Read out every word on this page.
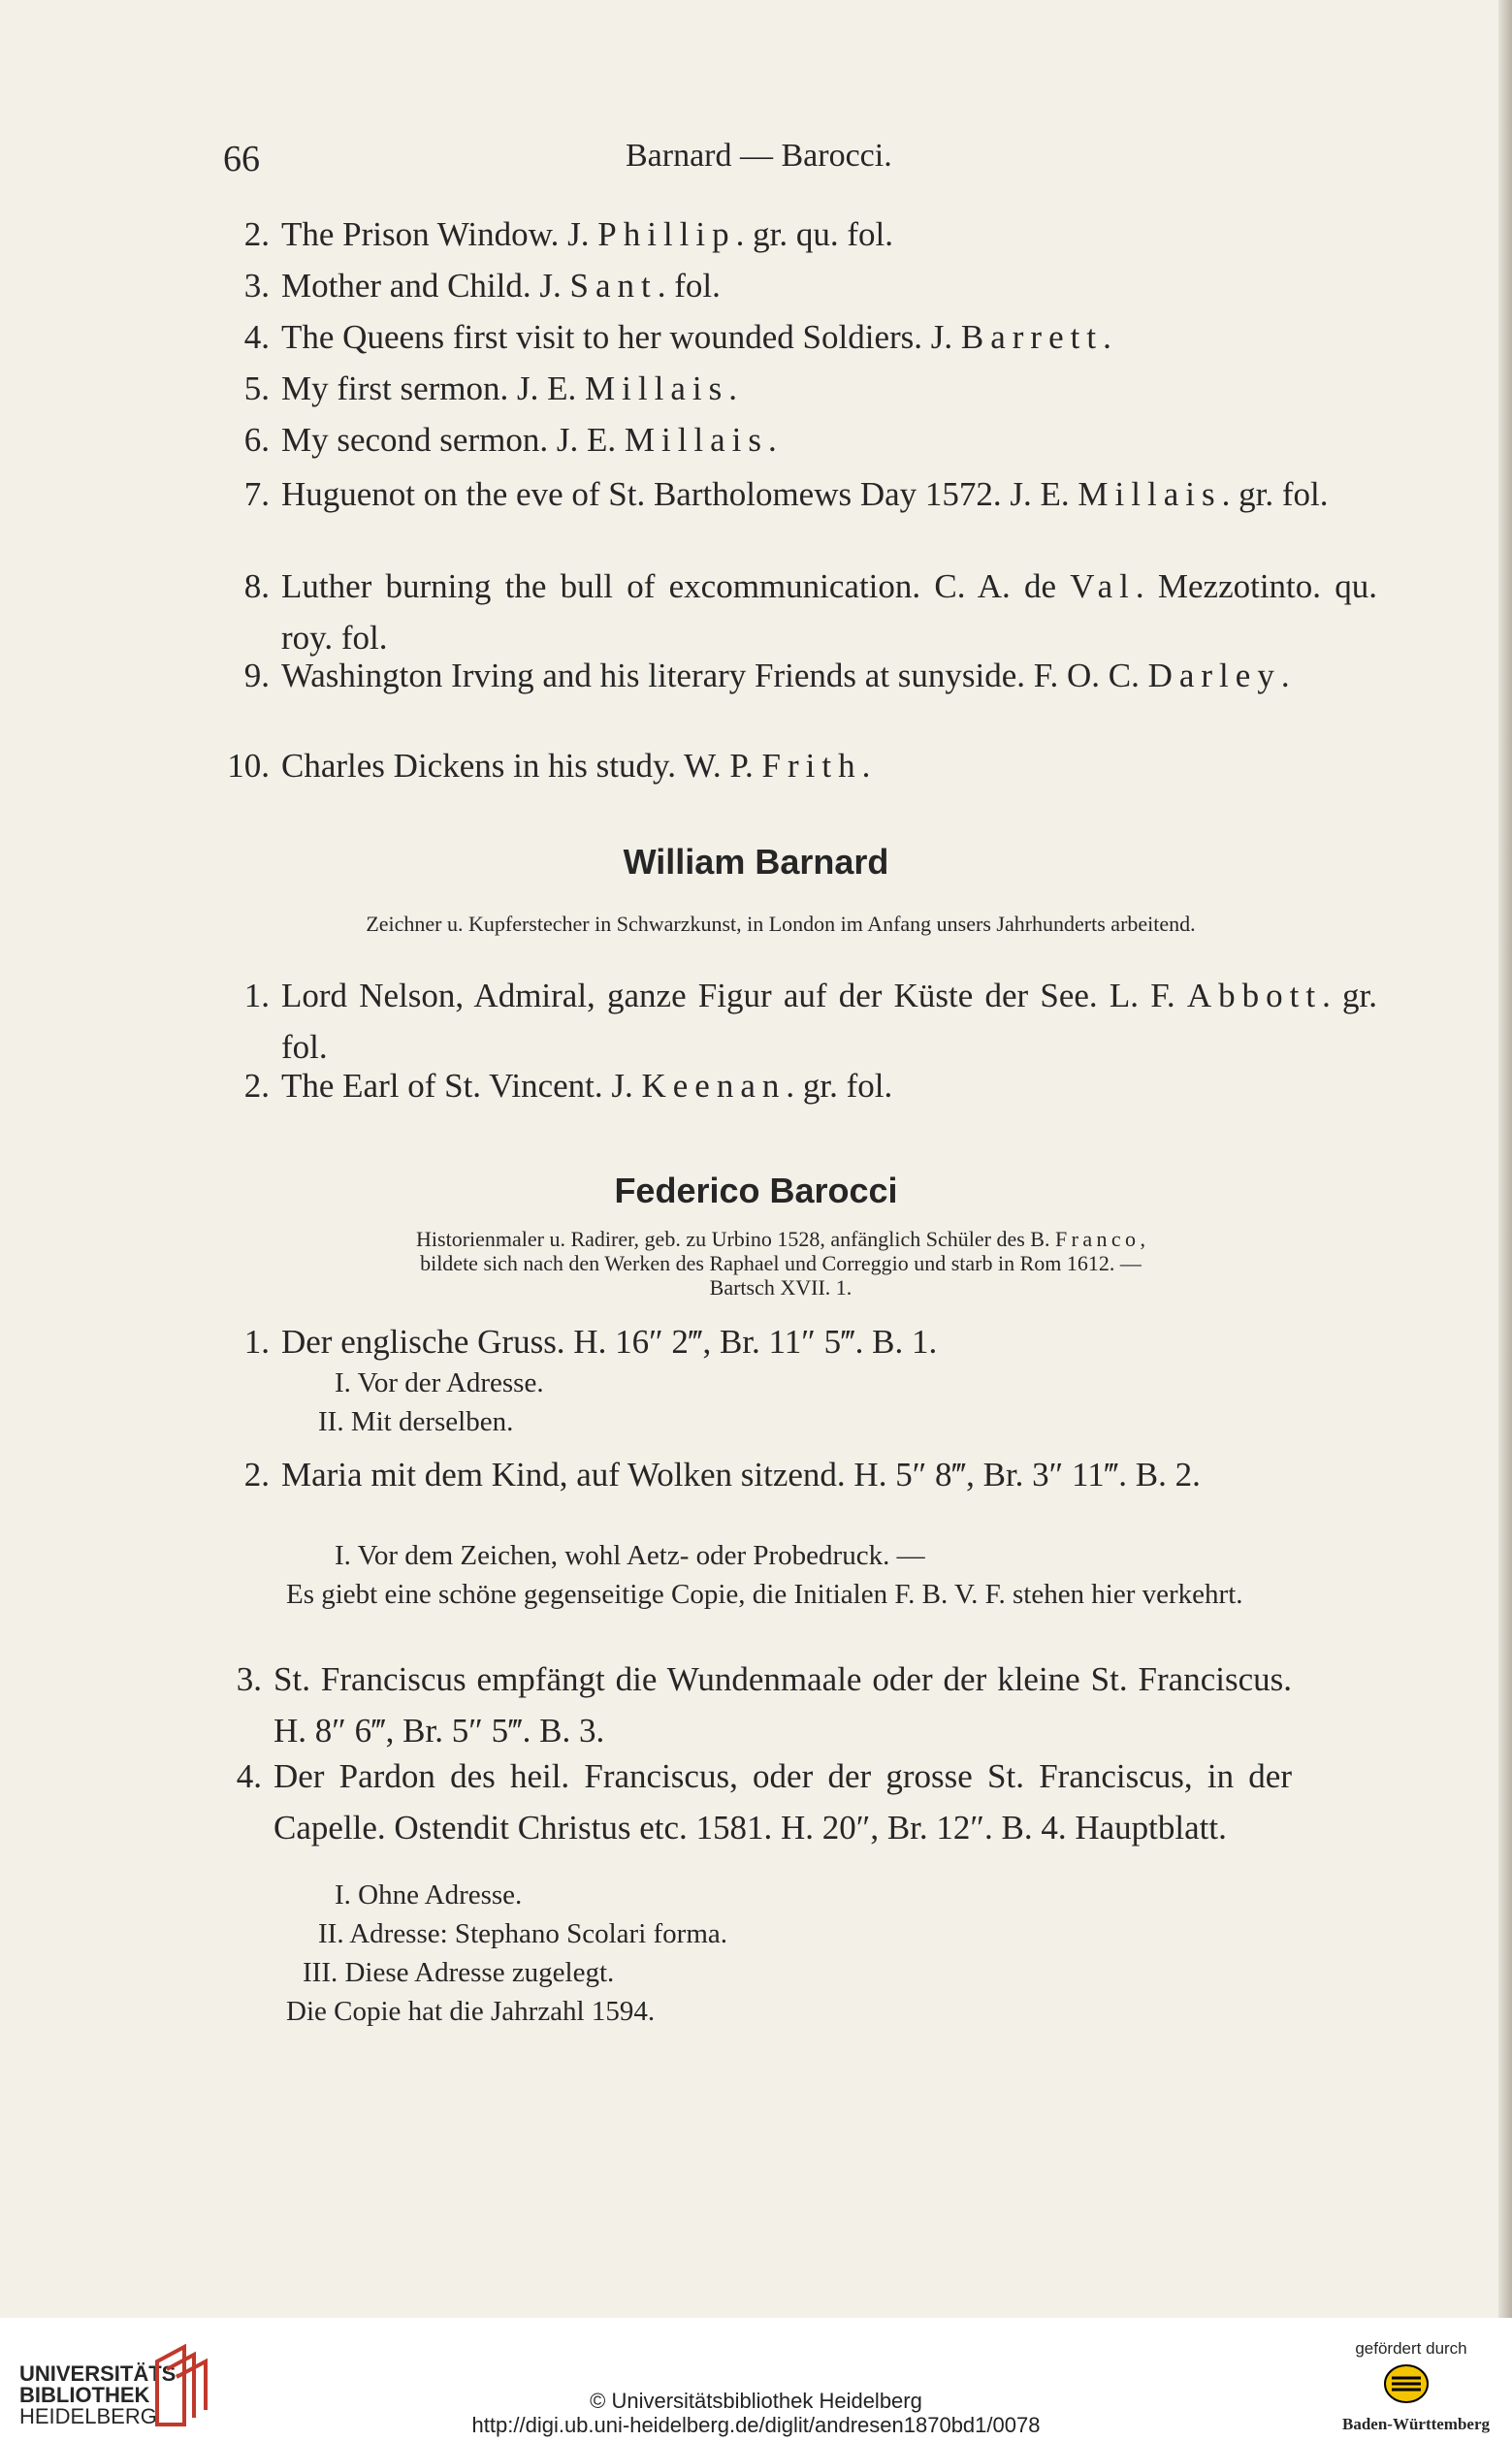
66	Barnard — Barocci.
2. The Prison Window. J. Phillip. gr. qu. fol.
3. Mother and Child. J. Sant. fol.
4. The Queens first visit to her wounded Soldiers. J. Barrett.
5. My first sermon. J. E. Millais.
6. My second sermon. J. E. Millais.
7. Huguenot on the eve of St. Bartholomews Day 1572. J. E. Millais. gr. fol.
8. Luther burning the bull of excommunication. C. A. de Val. Mezzotinto. qu. roy. fol.
9. Washington Irving and his literary Friends at sunyside. F. O. C. Darley.
10. Charles Dickens in his study. W. P. Frith.
William Barnard
Zeichner u. Kupferstecher in Schwarzkunst, in London im Anfang unsers Jahrhunderts arbeitend.
1. Lord Nelson, Admiral, ganze Figur auf der Küste der See. L. F. Abbott. gr. fol.
2. The Earl of St. Vincent. J. Keenan. gr. fol.
Federico Barocci
Historienmaler u. Radirer, geb. zu Urbino 1528, anfänglich Schüler des B. Franco,
bildete sich nach den Werken des Raphael und Correggio und starb in Rom 1612. —
Bartsch XVII. 1.
1. Der englische Gruss. H. 16″ 2‴, Br. 11″ 5‴. B. 1.
I. Vor der Adresse.
II. Mit derselben.
2. Maria mit dem Kind, auf Wolken sitzend. H. 5″ 8‴, Br. 3″ 11‴. B. 2.
I. Vor dem Zeichen, wohl Aetz- oder Probedruck. —
Es giebt eine schöne gegenseitige Copie, die Initialen F. B. V. F. stehen hier verkehrt.
3. St. Franciscus empfängt die Wundenmaale oder der kleine St. Franciscus. H. 8″ 6‴, Br. 5″ 5‴. B. 3.
4. Der Pardon des heil. Franciscus, oder der grosse St. Franciscus, in der Capelle. Ostendit Christus etc. 1581. H. 20″, Br. 12″. B. 4. Hauptblatt.
I. Ohne Adresse.
II. Adresse: Stephano Scolari forma.
III. Diese Adresse zugelegt.
Die Copie hat die Jahrzahl 1594.
UNIVERSITÄTS-
BIBLIOTHEK
HEIDELBERG
© Universitätsbibliothek Heidelberg
http://digi.ub.uni-heidelberg.de/diglit/andresen1870bd1/0078
gefördert durch
Baden-Württemberg
